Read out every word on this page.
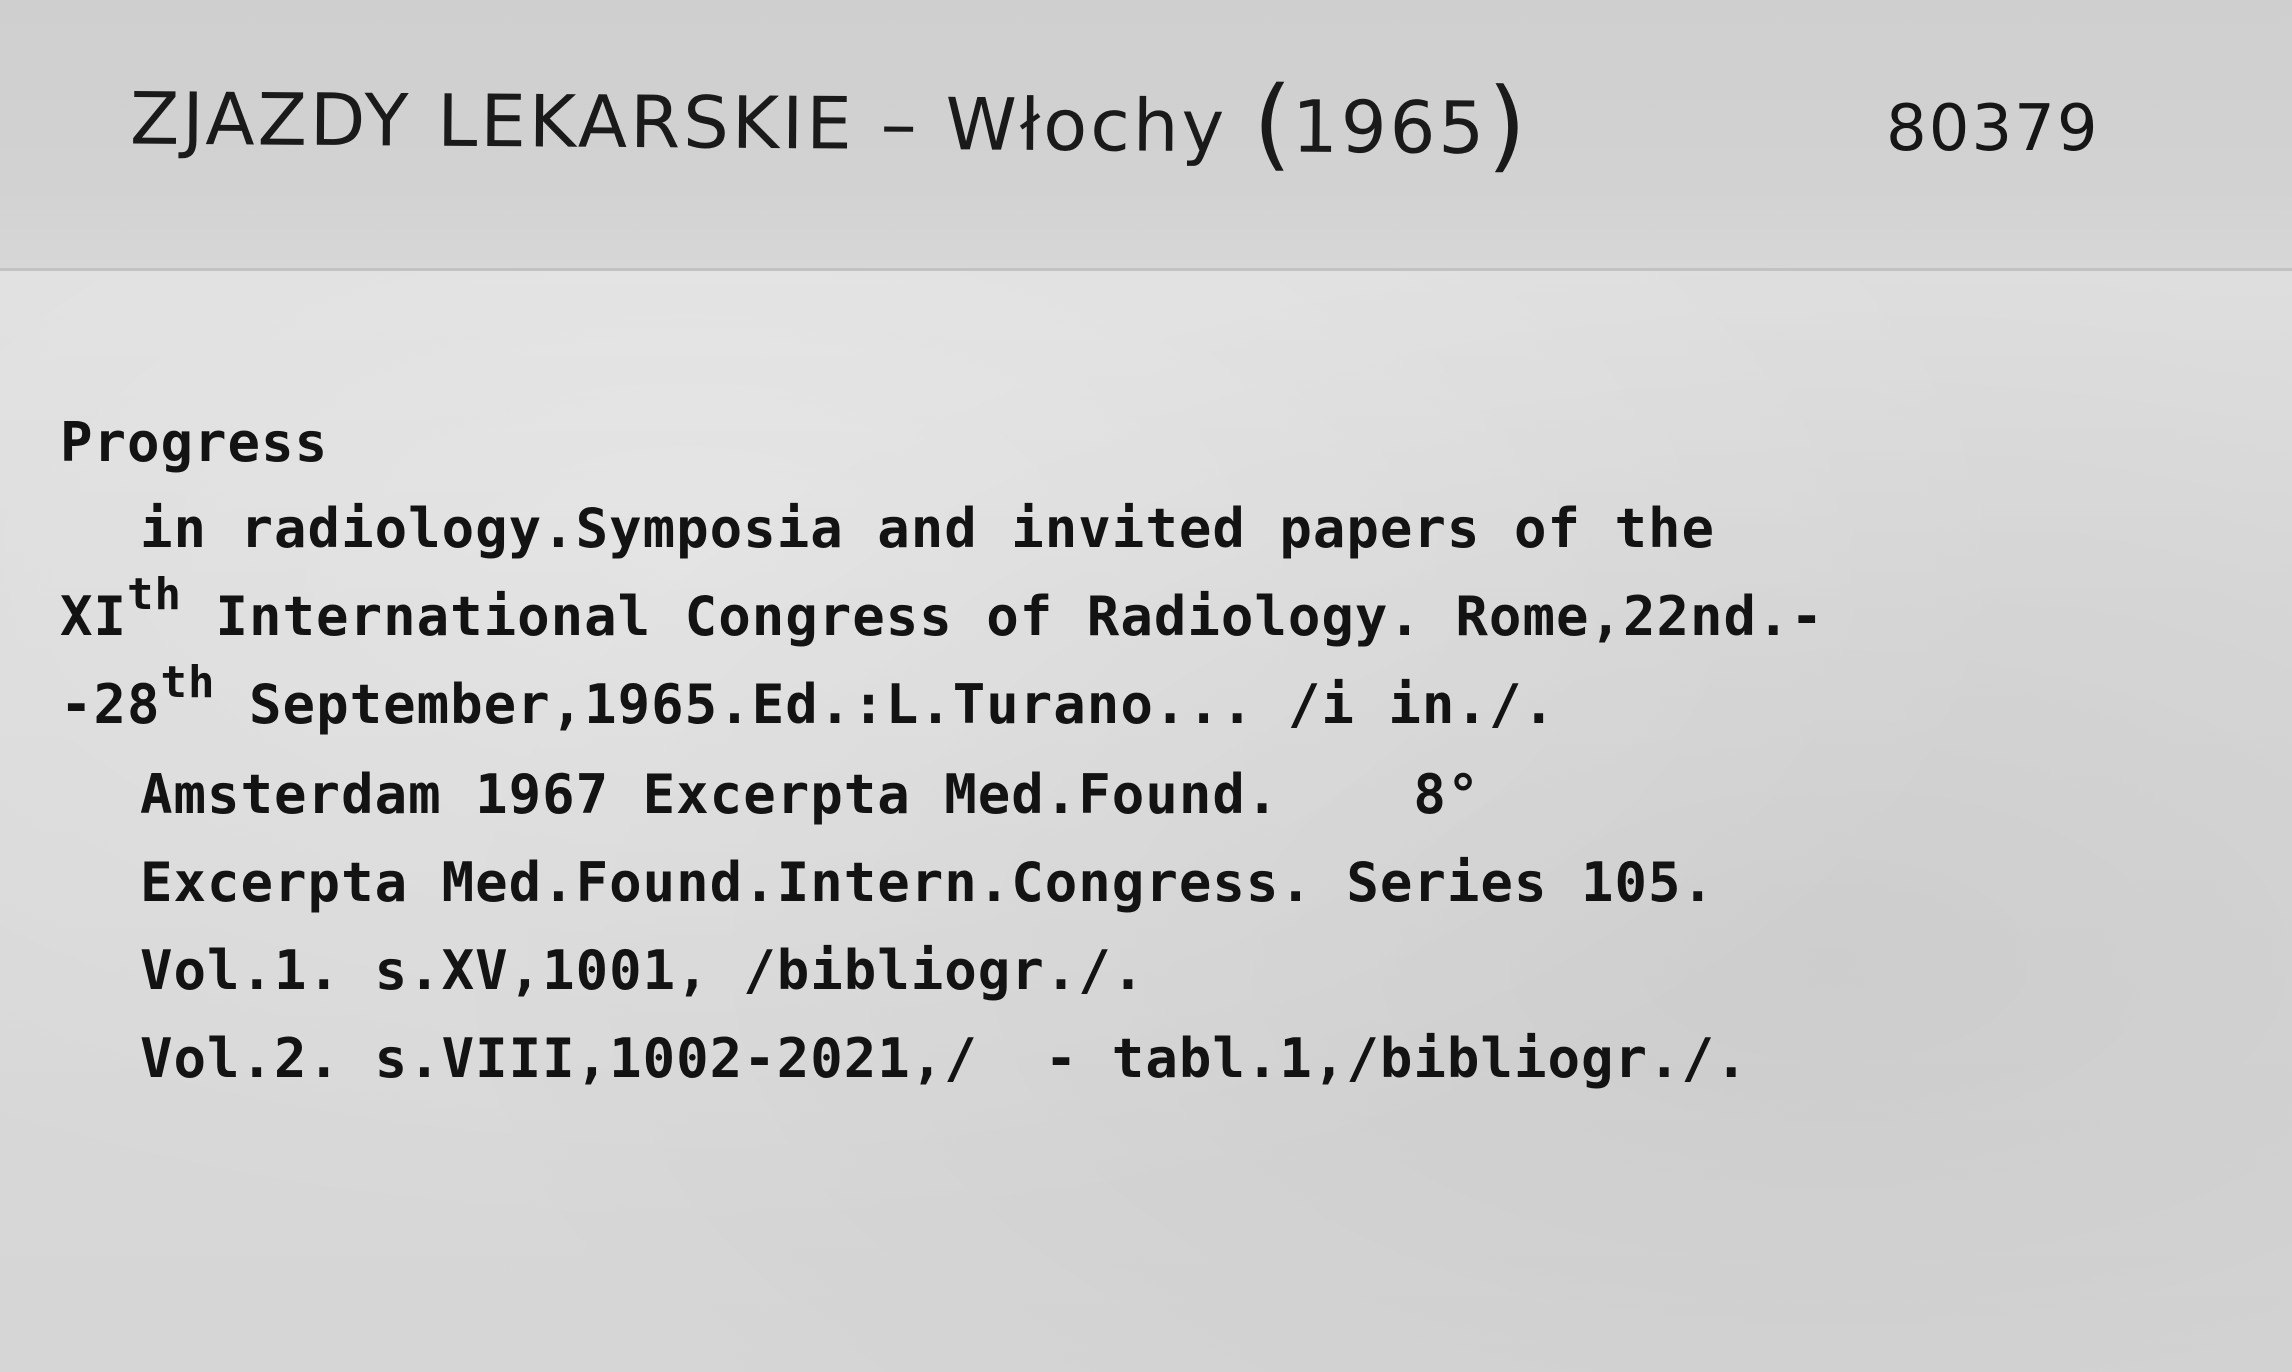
ZJAZDY LEKARSKIE – Włochy (1965)	80379
Progress
in radiology.Symposia and invited papers of the
XIth International Congress of Radiology. Rome,22nd.-
-28th September,1965.Ed.:L.Turano... /i in./.
Amsterdam 1967 Excerpta Med.Found.    8°
Excerpta Med.Found.Intern.Congress. Series 105.
Vol.1. s.XV,1001, /bibliogr./.
Vol.2. s.VIII,1002-2021,/  - tabl.1,/bibliogr./.
